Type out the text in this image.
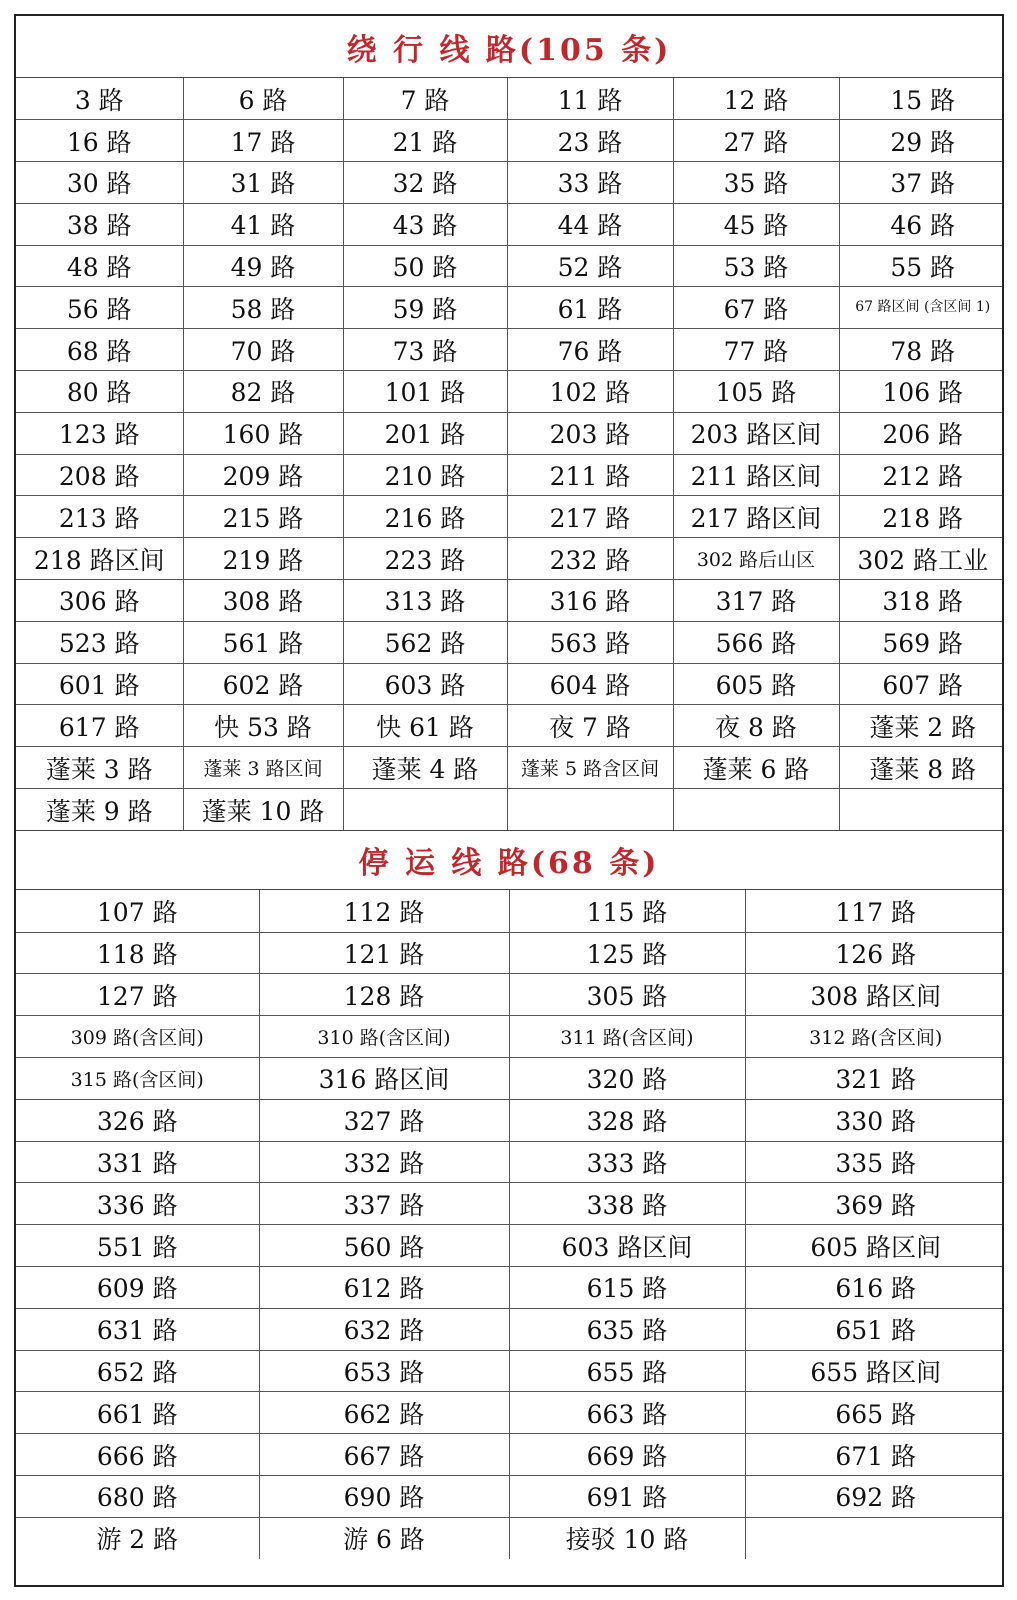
绕 行 线 路(105 条)
3 路	6 路	7 路	11 路	12 路	15 路
16 路	17 路	21 路	23 路	27 路	29 路
30 路	31 路	32 路	33 路	35 路	37 路
38 路	41 路	43 路	44 路	45 路	46 路
48 路	49 路	50 路	52 路	53 路	55 路
56 路	58 路	59 路	61 路	67 路	67 路区间 (含区间 1)
68 路	70 路	73 路	76 路	77 路	78 路
80 路	82 路	101 路	102 路	105 路	106 路
123 路	160 路	201 路	203 路	203 路区间	206 路
208 路	209 路	210 路	211 路	211 路区间	212 路
213 路	215 路	216 路	217 路	217 路区间	218 路
218 路区间	219 路	223 路	232 路	302 路后山区	302 路工业
306 路	308 路	313 路	316 路	317 路	318 路
523 路	561 路	562 路	563 路	566 路	569 路
601 路	602 路	603 路	604 路	605 路	607 路
617 路	快 53 路	快 61 路	夜 7 路	夜 8 路	蓬莱 2 路
蓬莱 3 路	蓬莱 3 路区间	蓬莱 4 路	蓬莱 5 路含区间	蓬莱 6 路	蓬莱 8 路
蓬莱 9 路	蓬莱 10 路				
停 运 线 路(68 条)
107 路	112 路	115 路	117 路
118 路	121 路	125 路	126 路
127 路	128 路	305 路	308 路区间
309 路(含区间)	310 路(含区间)	311 路(含区间)	312 路(含区间)
315 路(含区间)	316 路区间	320 路	321 路
326 路	327 路	328 路	330 路
331 路	332 路	333 路	335 路
336 路	337 路	338 路	369 路
551 路	560 路	603 路区间	605 路区间
609 路	612 路	615 路	616 路
631 路	632 路	635 路	651 路
652 路	653 路	655 路	655 路区间
661 路	662 路	663 路	665 路
666 路	667 路	669 路	671 路
680 路	690 路	691 路	692 路
游 2 路	游 6 路	接驳 10 路	
